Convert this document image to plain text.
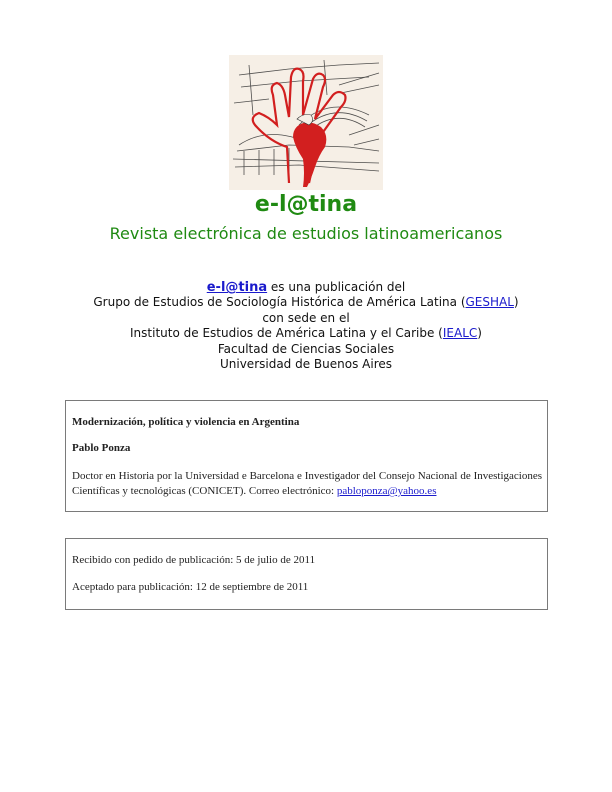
e-l@tina
Revista electrónica de estudios latinoamericanos
e-l@tina es una publicación del
Grupo de Estudios de Sociología Histórica de América Latina (GESHAL)
con sede en el
Instituto de Estudios de América Latina y el Caribe (IEALC)
Facultad de Ciencias Sociales
Universidad de Buenos Aires
Modernización, política y violencia en Argentina
Pablo Ponza
Doctor en Historia por la Universidad e Barcelona e Investigador del Consejo Nacional de Investigaciones Científicas y tecnológicas (CONICET). Correo electrónico: pabloponza@yahoo.es
Recibido con pedido de publicación: 5 de julio de 2011
Aceptado para publicación: 12 de septiembre de 2011
